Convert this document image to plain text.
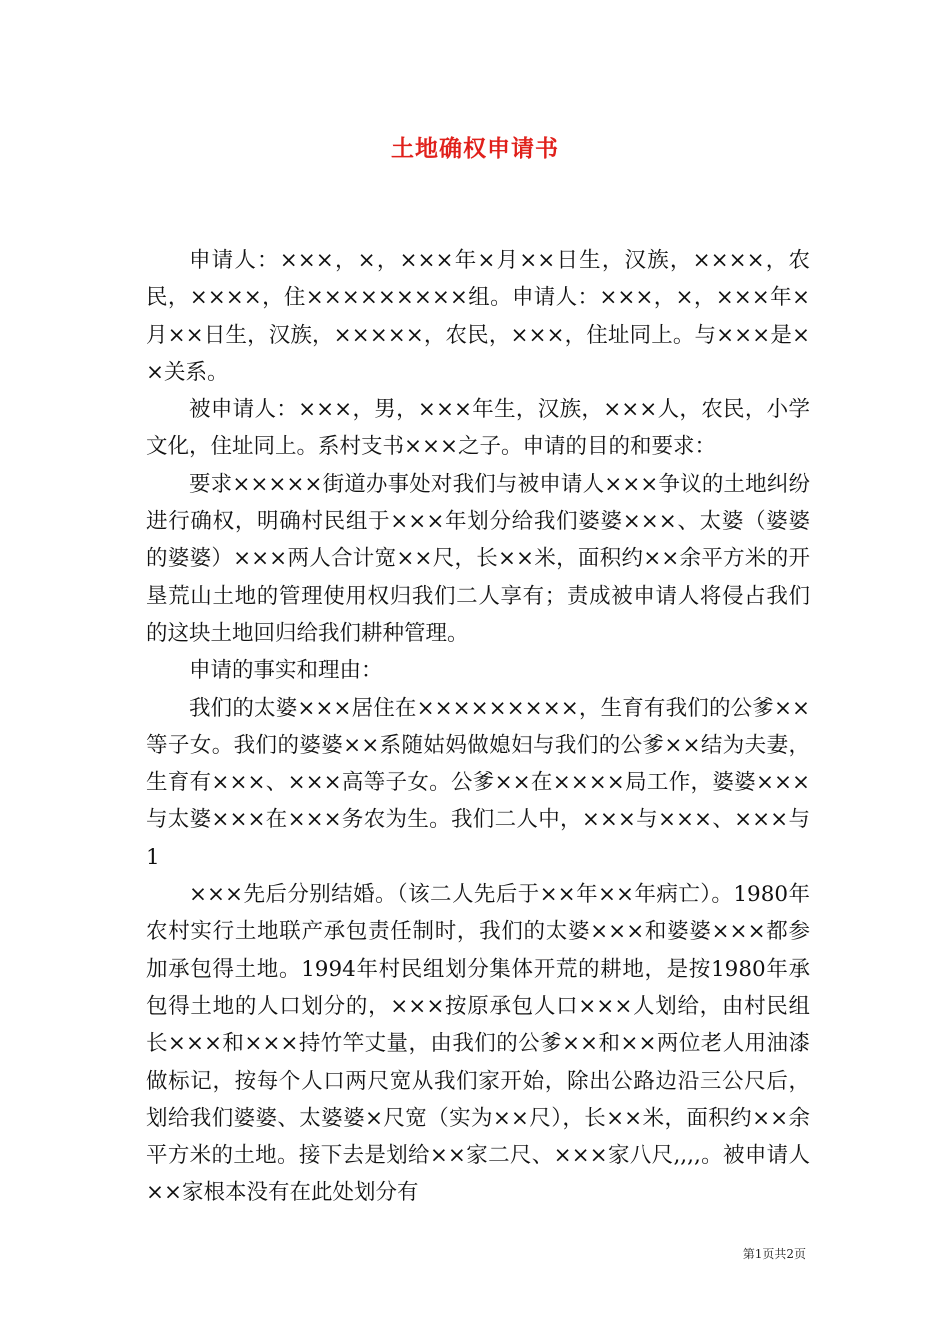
土地确权申请书

申请人：×××，×，×××年×月××日生，汉族，××××，农民，××××，住×××××××××组。申请人：×××，×，×××年×月××日生，汉族，×××××，农民，×××，住址同上。与×××是××关系。

被申请人：×××，男，×××年生，汉族，×××人，农民，小学文化，住址同上。系村支书×××之子。申请的目的和要求：

要求×××××街道办事处对我们与被申请人×××争议的土地纠纷进行确权，明确村民组于×××年划分给我们婆婆×××、太婆（婆婆的婆婆）×××两人合计宽××尺，长××米，面积约××余平方米的开垦荒山土地的管理使用权归我们二人享有；责成被申请人将侵占我们的这块土地回归给我们耕种管理。

申请的事实和理由：

我们的太婆×××居住在×××××××××，生育有我们的公爹××等子女。我们的婆婆××系随姑妈做媳妇与我们的公爹××结为夫妻，生育有×××、×××高等子女。公爹××在××××局工作，婆婆×××与太婆×××在×××务农为生。我们二人中，×××与×××、×××与1

×××先后分别结婚。（该二人先后于××年××年病亡）。1980年农村实行土地联产承包责任制时，我们的太婆×××和婆婆×××都参加承包得土地。1994年村民组划分集体开荒的耕地，是按1980年承包得土地的人口划分的，×××按原承包人口×××人划给，由村民组长×××和×××持竹竿丈量，由我们的公爹××和××两位老人用油漆做标记，按每个人口两尺宽从我们家开始，除出公路边沿三公尺后，划给我们婆婆、太婆婆×尺宽（实为××尺），长××米，面积约××余平方米的土地。接下去是划给××家二尺、×××家八尺,,,,。被申请人××家根本没有在此处划分有

第1页共2页
